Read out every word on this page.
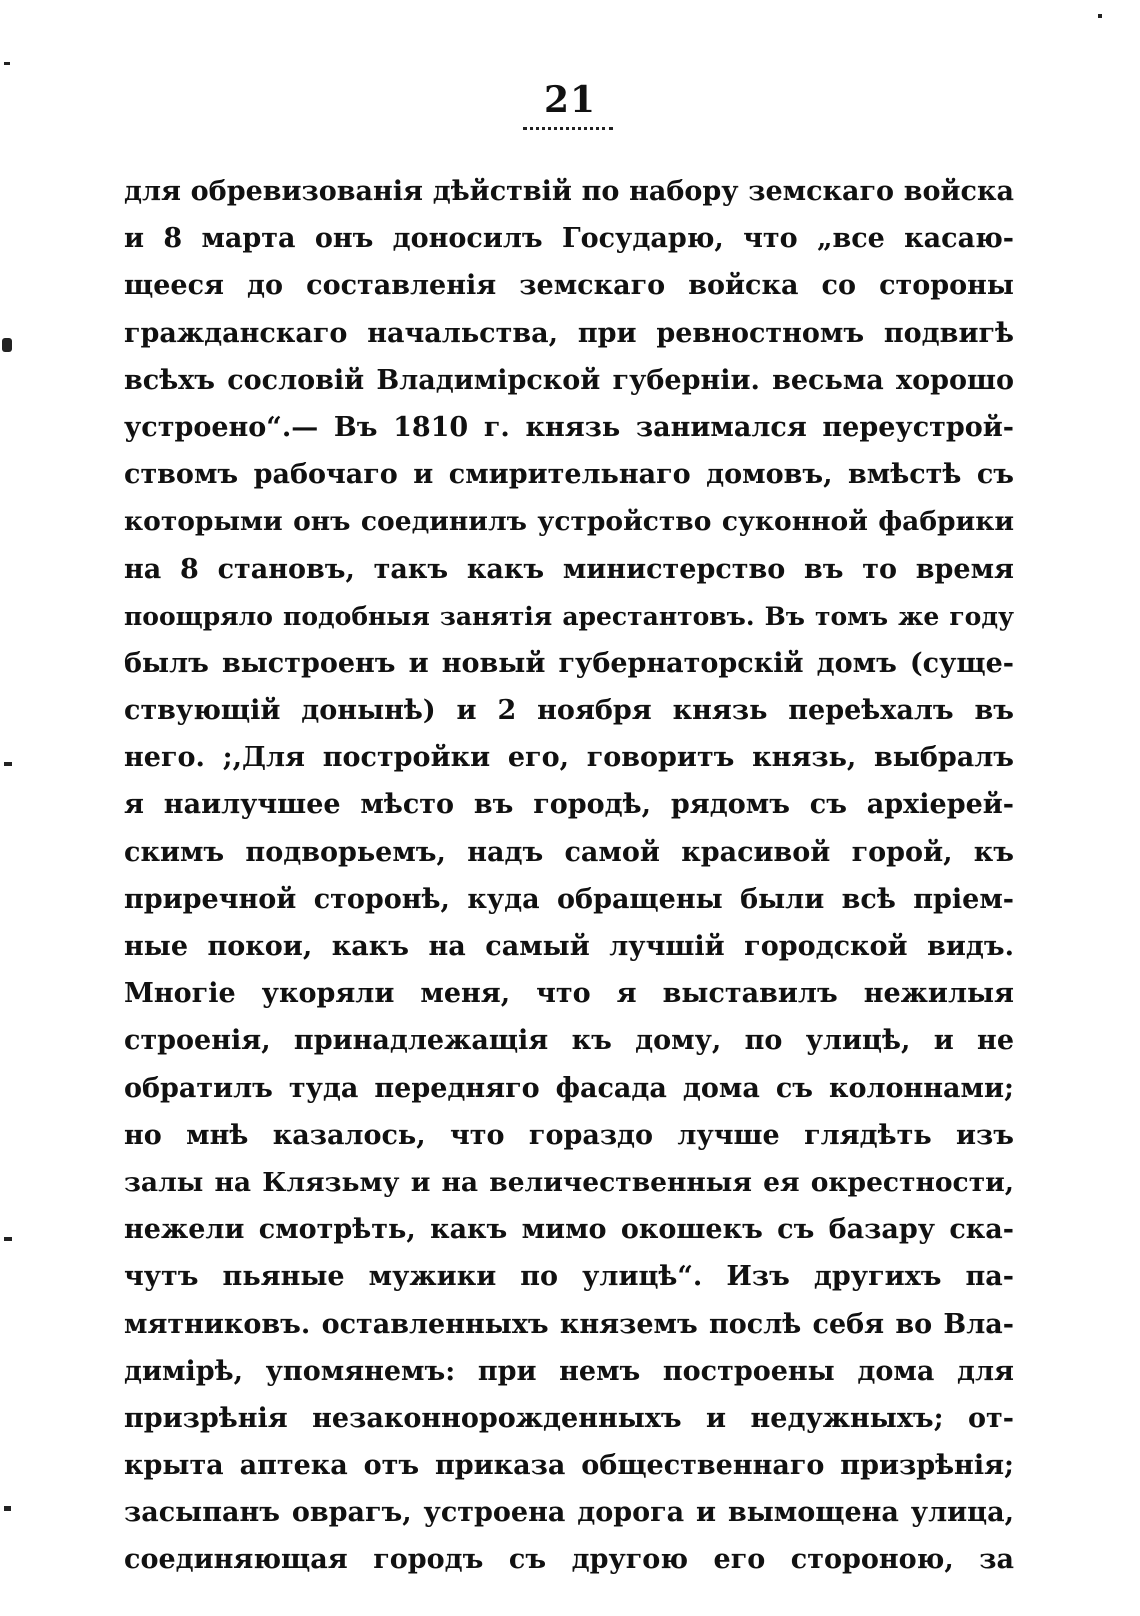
21
для обревизованія дѣйствій по набору земскаго войска
и 8 марта онъ доносилъ Государю, что „все касаю-
щееся до составленія земскаго войска со стороны
гражданскаго начальства, при ревностномъ подвигѣ
всѣхъ сословій Владимірской губерніи. весьма хорошо
устроено“.— Въ 1810 г. князь занимался переустрой-
ствомъ рабочаго и смирительнаго домовъ, вмѣстѣ съ
которыми онъ соединилъ устройство суконной фабрики
на 8 становъ, такъ какъ министерство въ то время
поощряло подобныя занятія арестантовъ. Въ томъ же году
былъ выстроенъ и новый губернаторскій домъ (суще-
ствующій донынѣ) и 2 ноября князь переѣхалъ въ
него. ;,Для постройки его, говоритъ князь, выбралъ
я наилучшее мѣсто въ городѣ, рядомъ съ архіерей-
скимъ подворьемъ, надъ самой красивой горой, къ
приречной сторонѣ, куда обращены были всѣ пріем-
ные покои, какъ на самый лучшій городской видъ.
Многіе укоряли меня, что я выставилъ нежилыя
строенія, принадлежащія къ дому, по улицѣ, и не
обратилъ туда передняго фасада дома съ колоннами;
но мнѣ казалось, что гораздо лучше глядѣть изъ
залы на Клязьму и на величественныя ея окрестности,
нежели смотрѣть, какъ мимо окошекъ съ базару ска-
чутъ пьяные мужики по улицѣ“. Изъ другихъ па-
мятниковъ. оставленныхъ княземъ послѣ себя во Вла-
димірѣ, упомянемъ: при немъ построены дома для
призрѣнія незаконнорожденныхъ и недужныхъ; от-
крыта аптека отъ приказа общественнаго призрѣнія;
засыпанъ оврагъ, устроена дорога и вымощена улица,
соединяющая городъ съ другою его стороною, за
